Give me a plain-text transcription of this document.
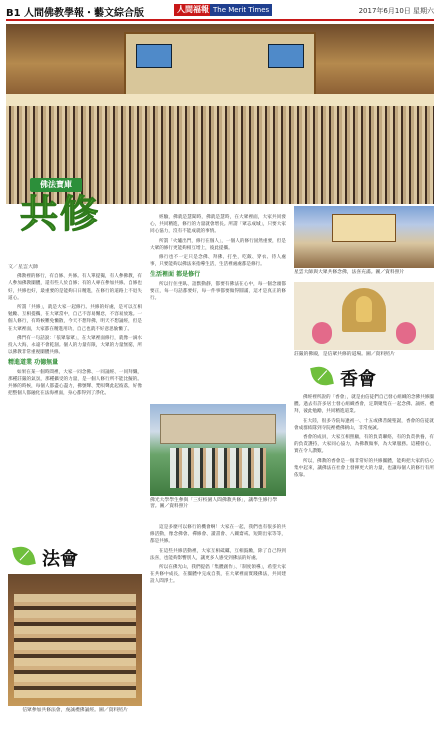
B1 人間佛教學報・藝文綜合版	人間福報 The Merit Times	2017年6月10日 星期六
佛法寶庫
共修

文／星雲大師

佛教裡的修行，有自修、共修。有人單提獨，有人參佛教，有人參加佛教團體，還有些人於自修；有的人專在參加共修。自修也好，共修也好，最重要的是能夠日日精進，在修行的道路上不退失道心。

所謂「共修」，就是大家一起修行。共修的好處，是可以互相勉勵、互相提攜，在大眾當中，自己不容易懈怠，不容易放逸。一個人修行，有時候難免懶散，今天不想拜佛，明天不想誦經，但是在大眾裡面，大家都在精進用功，自己也就不好意思偷懶了。

佛門有一句話說：「依眾靠眾」，在大眾裡面修行，就像一滴水投入大海，永遠不會乾涸。個人的力量有限，大眾的力量無窮，所以佛教非常重視團體共修。

精進道業 功德無量

如果在某一個時間裡，大家一同念佛、一同誦經、一同拜懺，那種莊嚴的氣氛，那種攝受的力量，是一個人修行所不能比擬的。共修的時候，每個人都盡心盡力，佛號聲、梵唄聲此起彼落，好像把整個人都融化在法海裡面，身心都得到了淨化。

經驗，佛就是慧聞時，佛就是慧時，在大眾裡面，大家共同發心，共同精進，修行的力量就會增長。所謂「眾志成城」，只要大家同心協力，沒有不能成就的事情。

所謂「火爐出門，修行在個人」，一個人的修行固然重要，但是大眾的修行更能夠相互增上，彼此提攜。

修行也不一定只是念佛、拜佛、打坐，吃飯、穿衣、待人處事，只要能夠以佛法來指導生活，生活裡處處都是修行。

生活裡面 都是修行

所以行住坐臥、語默動靜，都要有佛法在心中，每一個念頭都要正，每一句話都要好，每一件事都要做得圓滿，這才是真正的修行。

佛光大學學生參與「三好校園人間佛教共修」，讓學生修行學習。圖／資料照片

這是多麼可以修行的機會啊！大家在一起，我們也有很多的共修活動，像念佛會、禪修會、讀書會、八關齋戒、短期出家等等，都是共修。

在這些共修活動裡，大家互相砥礪，互相鼓勵，除了自己得到法喜，也能夠影響別人，讓更多人感受到佛法的好處。

所以在佛光山，我們提倡「集體創作」、「制度領導」，希望大家在共修中成長，在團體中完成自我，在大眾裡面實踐佛法，共同建設人間淨土。

星雲大師與大眾共修念佛，法喜充滿。圖／資料照片
莊嚴的佛殿，是信眾共修的道場。圖／資料照片
香會

佛經裡所說的「香會」，就是由信徒們自己發心組織的念佛共修團體。過去有許多居士發心組織香會，定期聚集在一起念佛、誦經、禮拜，彼此勉勵，共同精進道業。

在大陸，很多寺院每逢初一、十五或佛菩薩聖誕，香會的信徒就會成群結隊到寺院裡禮佛朝山，非常虔誠。

香會的成員，大家互相照顧，有的負責聯絡，有的負責供養，有的負責護持，大家同心協力，為佛教做事，為大眾服務。這種發心，實在令人讚歎。

所以，佛教的香會是一個非常好的共修團體，能夠把大家的信心集中起來，讓佛法在社會上發揮更大的力量，也讓每個人的修行有所依靠。

法會
信眾參加共修法會，虔誠禮佛誦經。圖／資料照片
